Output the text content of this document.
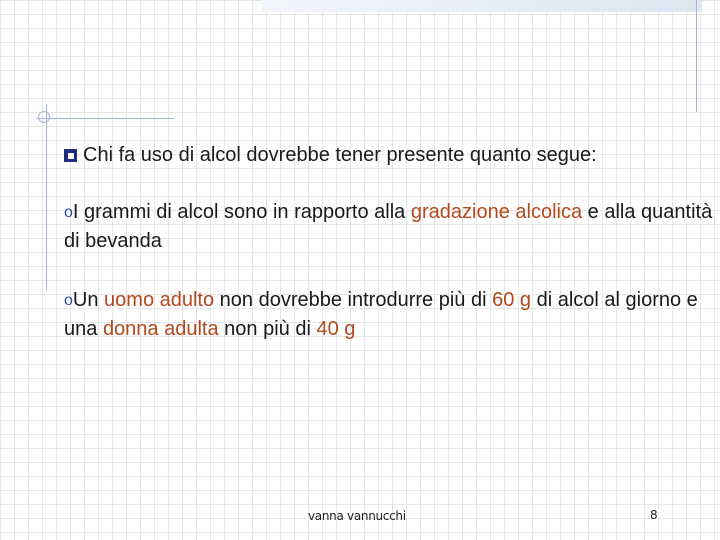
Chi fa uso di alcol dovrebbe tener presente quanto segue:

oI grammi di alcol sono in rapporto alla gradazione alcolica e alla quantità di bevanda

oUn uomo adulto non dovrebbe introdurre più di 60 g di alcol al giorno e una donna adulta non più di 40 g

vanna vannucchi	8
